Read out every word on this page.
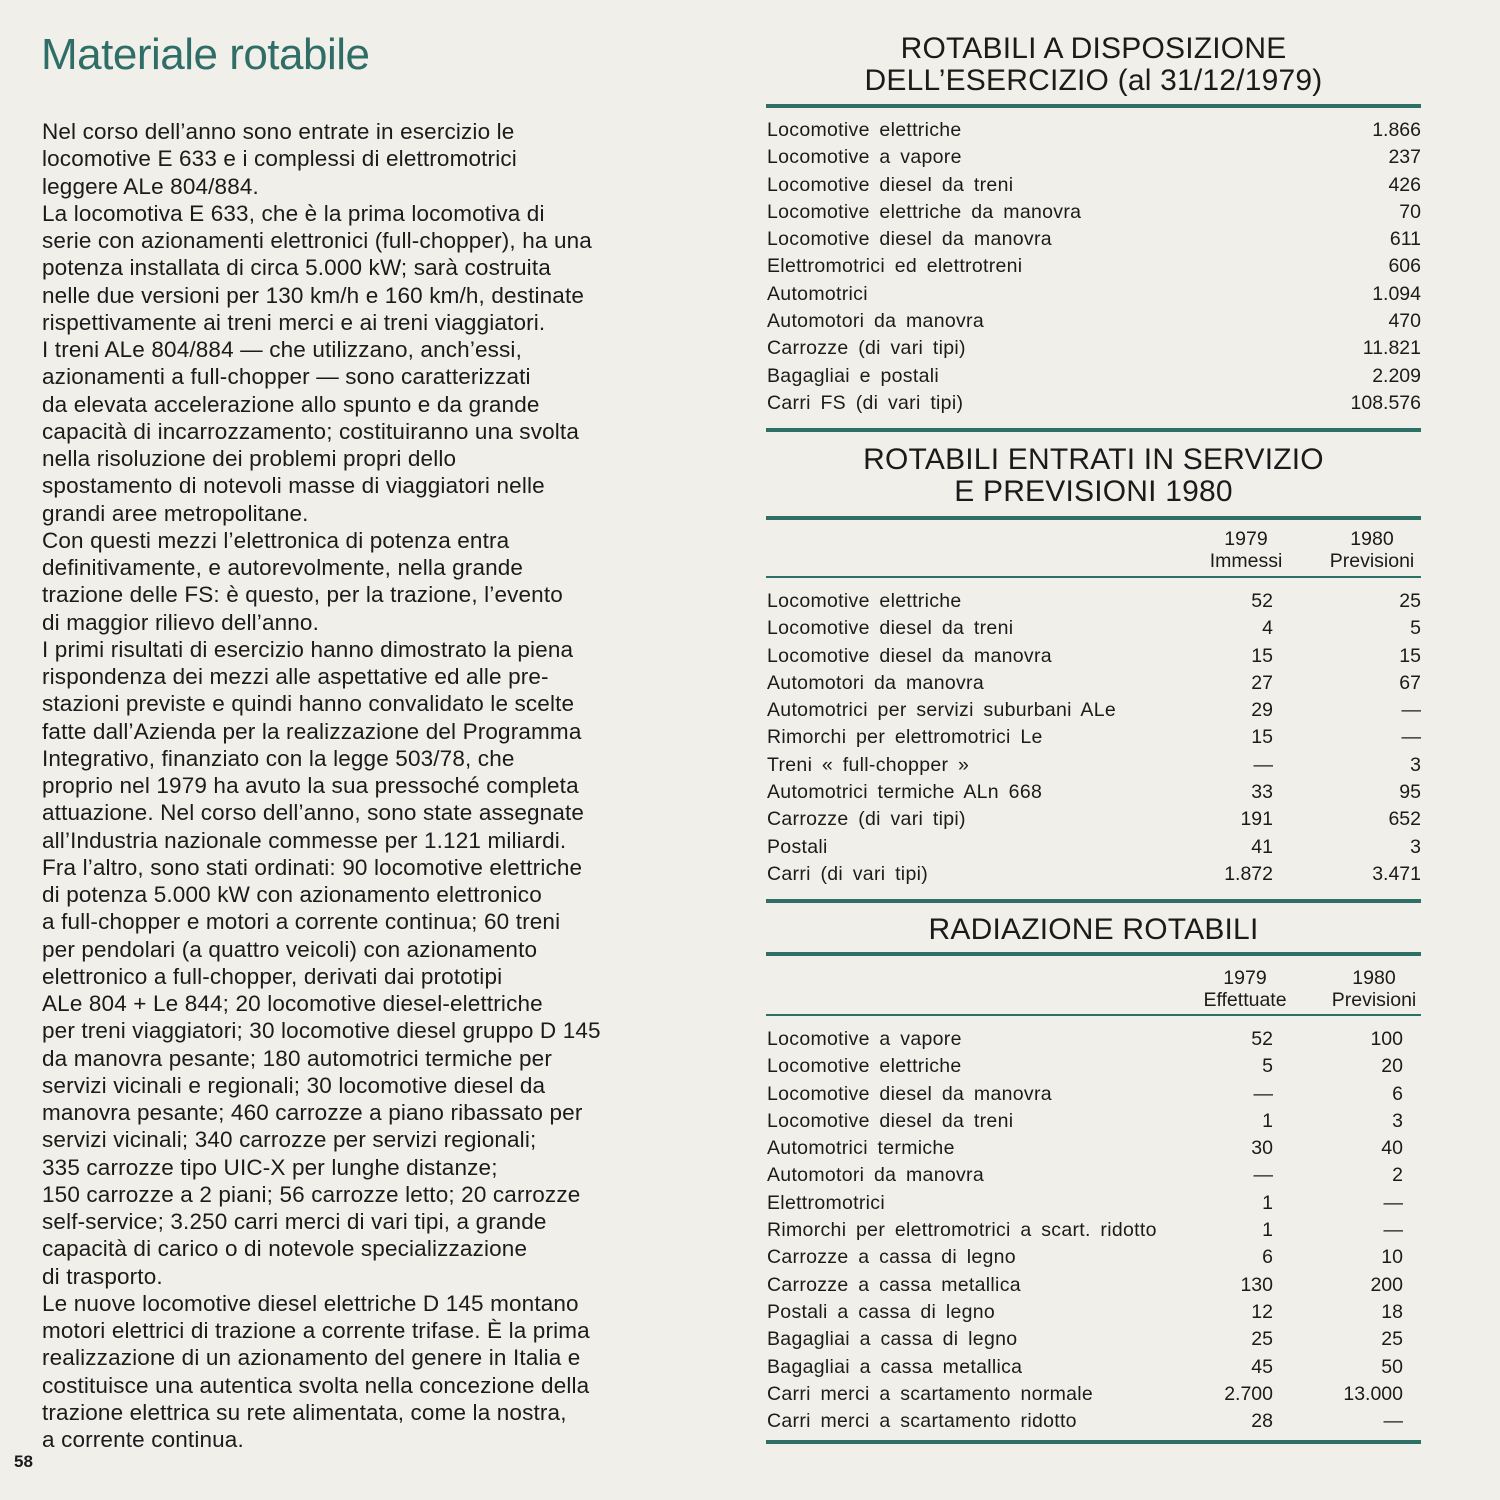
Materiale rotabile
Nel corso dell’anno sono entrate in esercizio le
locomotive E 633 e i complessi di elettromotrici
leggere ALe 804/884.
La locomotiva E 633, che è la prima locomotiva di
serie con azionamenti elettronici (full-chopper), ha una
potenza installata di circa 5.000 kW; sarà costruita
nelle due versioni per 130 km/h e 160 km/h, destinate
rispettivamente ai treni merci e ai treni viaggiatori.
I treni ALe 804/884 — che utilizzano, anch’essi,
azionamenti a full-chopper — sono caratterizzati
da elevata accelerazione allo spunto e da grande
capacità di incarrozzamento; costituiranno una svolta
nella risoluzione dei problemi propri dello
spostamento di notevoli masse di viaggiatori nelle
grandi aree metropolitane.
Con questi mezzi l’elettronica di potenza entra
definitivamente, e autorevolmente, nella grande
trazione delle FS: è questo, per la trazione, l’evento
di maggior rilievo dell’anno.
I primi risultati di esercizio hanno dimostrato la piena
rispondenza dei mezzi alle aspettative ed alle pre-
stazioni previste e quindi hanno convalidato le scelte
fatte dall’Azienda per la realizzazione del Programma
Integrativo, finanziato con la legge 503/78, che
proprio nel 1979 ha avuto la sua pressoché completa
attuazione. Nel corso dell’anno, sono state assegnate
all’Industria nazionale commesse per 1.121 miliardi.
Fra l’altro, sono stati ordinati: 90 locomotive elettriche
di potenza 5.000 kW con azionamento elettronico
a full-chopper e motori a corrente continua; 60 treni
per pendolari (a quattro veicoli) con azionamento
elettronico a full-chopper, derivati dai prototipi
ALe 804 + Le 844; 20 locomotive diesel-elettriche
per treni viaggiatori; 30 locomotive diesel gruppo D 145
da manovra pesante; 180 automotrici termiche per
servizi vicinali e regionali; 30 locomotive diesel da
manovra pesante; 460 carrozze a piano ribassato per
servizi vicinali; 340 carrozze per servizi regionali;
335 carrozze tipo UIC-X per lunghe distanze;
150 carrozze a 2 piani; 56 carrozze letto; 20 carrozze
self-service; 3.250 carri merci di vari tipi, a grande
capacità di carico o di notevole specializzazione
di trasporto.
Le nuove locomotive diesel elettriche D 145 montano
motori elettrici di trazione a corrente trifase. È la prima
realizzazione di un azionamento del genere in Italia e
costituisce una autentica svolta nella concezione della
trazione elettrica su rete alimentata, come la nostra,
a corrente continua.
58
ROTABILI A DISPOSIZIONE
DELL’ESERCIZIO (al 31/12/1979)
Locomotive elettriche	1.866
Locomotive a vapore	237
Locomotive diesel da treni	426
Locomotive elettriche da manovra	70
Locomotive diesel da manovra	611
Elettromotrici ed elettrotreni	606
Automotrici	1.094
Automotori da manovra	470
Carrozze (di vari tipi)	11.821
Bagagliai e postali	2.209
Carri FS (di vari tipi)	108.576
ROTABILI ENTRATI IN SERVIZIO
E PREVISIONI 1980
1979
Immessi
1980
Previsioni
Locomotive elettriche	52	25
Locomotive diesel da treni	4	5
Locomotive diesel da manovra	15	15
Automotori da manovra	27	67
Automotrici per servizi suburbani ALe	29	—
Rimorchi per elettromotrici Le	15	—
Treni « full-chopper »	—	3
Automotrici termiche ALn 668	33	95
Carrozze (di vari tipi)	191	652
Postali	41	3
Carri (di vari tipi)	1.872	3.471
RADIAZIONE ROTABILI
1979
Effettuate
1980
Previsioni
Locomotive a vapore	52	100
Locomotive elettriche	5	20
Locomotive diesel da manovra	—	6
Locomotive diesel da treni	1	3
Automotrici termiche	30	40
Automotori da manovra	—	2
Elettromotrici	1	—
Rimorchi per elettromotrici a scart. ridotto	1	—
Carrozze a cassa di legno	6	10
Carrozze a cassa metallica	130	200
Postali a cassa di legno	12	18
Bagagliai a cassa di legno	25	25
Bagagliai a cassa metallica	45	50
Carri merci a scartamento normale	2.700	13.000
Carri merci a scartamento ridotto	28	—
